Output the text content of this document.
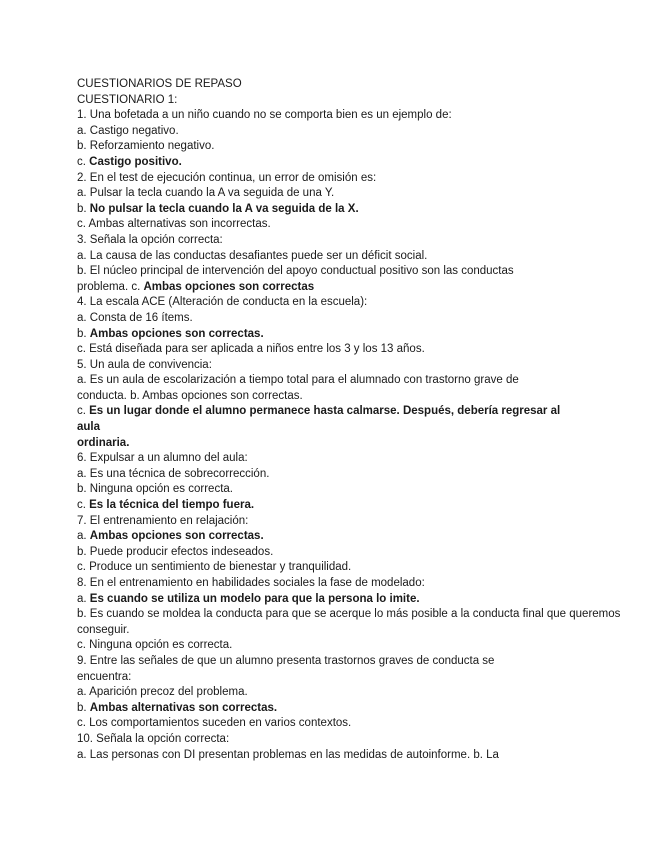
CUESTIONARIOS DE REPASO
CUESTIONARIO 1:
1. Una bofetada a un niño cuando no se comporta bien es un ejemplo de:
a. Castigo negativo.
b. Reforzamiento negativo.
c. Castigo positivo.
2. En el test de ejecución continua, un error de omisión es:
a. Pulsar la tecla cuando la A va seguida de una Y.
b. No pulsar la tecla cuando la A va seguida de la X.
c. Ambas alternativas son incorrectas.
3. Señala la opción correcta:
a. La causa de las conductas desafiantes puede ser un déficit social.
b. El núcleo principal de intervención del apoyo conductual positivo son las conductas
problema. c. Ambas opciones son correctas
4. La escala ACE (Alteración de conducta en la escuela):
a. Consta de 16 ítems.
b. Ambas opciones son correctas.
c. Está diseñada para ser aplicada a niños entre los 3 y los 13 años.
5. Un aula de convivencia:
a. Es un aula de escolarización a tiempo total para el alumnado con trastorno grave de
conducta. b. Ambas opciones son correctas.
c. Es un lugar donde el alumno permanece hasta calmarse. Después, debería regresar al
aula
ordinaria.
6. Expulsar a un alumno del aula:
a. Es una técnica de sobrecorrección.
b. Ninguna opción es correcta.
c. Es la técnica del tiempo fuera.
7. El entrenamiento en relajación:
a. Ambas opciones son correctas.
b. Puede producir efectos indeseados.
c. Produce un sentimiento de bienestar y tranquilidad.
8. En el entrenamiento en habilidades sociales la fase de modelado:
a. Es cuando se utiliza un modelo para que la persona lo imite.
b. Es cuando se moldea la conducta para que se acerque lo más posible a la conducta final que queremos conseguir.
c. Ninguna opción es correcta.
9. Entre las señales de que un alumno presenta trastornos graves de conducta se
encuentra:
a. Aparición precoz del problema.
b. Ambas alternativas son correctas.
c. Los comportamientos suceden en varios contextos.
10. Señala la opción correcta:
a. Las personas con DI presentan problemas en las medidas de autoinforme. b. La
